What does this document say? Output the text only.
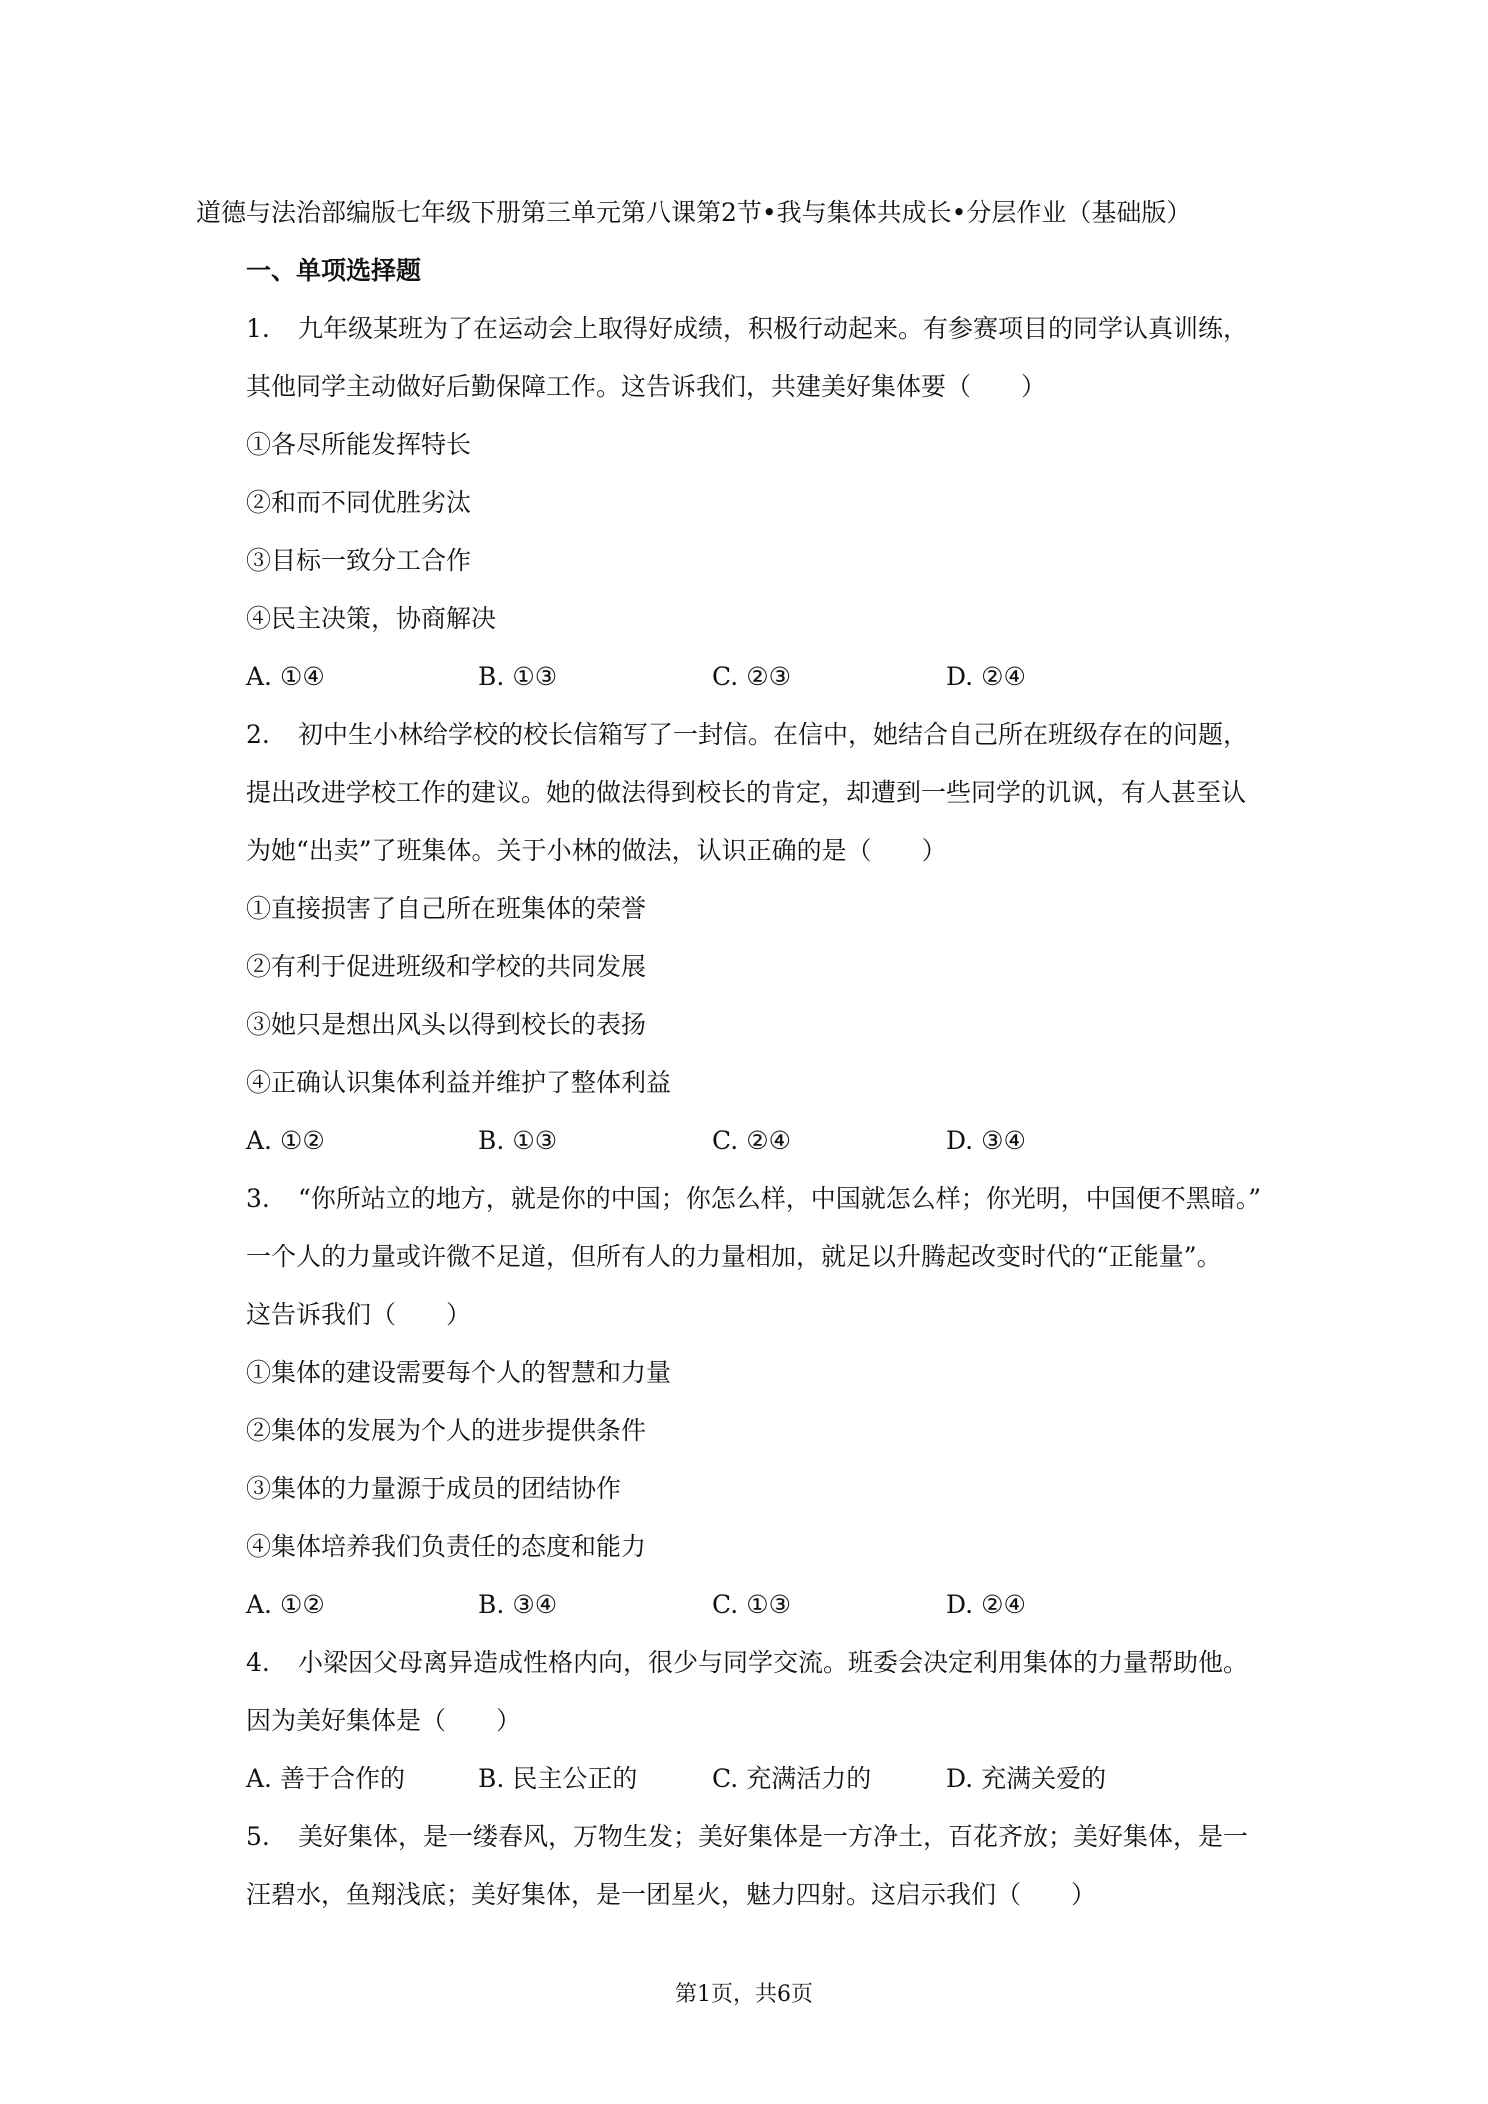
道德与法治部编版七年级下册第三单元第八课第2节•我与集体共成长•分层作业（基础版）
一、单项选择题
1. 九年级某班为了在运动会上取得好成绩，积极行动起来。有参赛项目的同学认真训练，
其他同学主动做好后勤保障工作。这告诉我们，共建美好集体要（　　）
①各尽所能发挥特长
②和而不同优胜劣汰
③目标一致分工合作
④民主决策，协商解决
A. ①④	B. ①③	C. ②③	D. ②④
2. 初中生小林给学校的校长信箱写了一封信。在信中，她结合自己所在班级存在的问题，
提出改进学校工作的建议。她的做法得到校长的肯定，却遭到一些同学的讥讽，有人甚至认
为她“出卖”了班集体。关于小林的做法，认识正确的是（　　）
①直接损害了自己所在班集体的荣誉
②有利于促进班级和学校的共同发展
③她只是想出风头以得到校长的表扬
④正确认识集体利益并维护了整体利益
A. ①②	B. ①③	C. ②④	D. ③④
3. “你所站立的地方，就是你的中国；你怎么样，中国就怎么样；你光明，中国便不黑暗。”
一个人的力量或许微不足道，但所有人的力量相加，就足以升腾起改变时代的“正能量”。
这告诉我们（　　）
①集体的建设需要每个人的智慧和力量
②集体的发展为个人的进步提供条件
③集体的力量源于成员的团结协作
④集体培养我们负责任的态度和能力
A. ①②	B. ③④	C. ①③	D. ②④
4. 小梁因父母离异造成性格内向，很少与同学交流。班委会决定利用集体的力量帮助他。
因为美好集体是（　　）
A. 善于合作的	B. 民主公正的	C. 充满活力的	D. 充满关爱的
5. 美好集体，是一缕春风，万物生发；美好集体是一方净土，百花齐放；美好集体，是一
汪碧水，鱼翔浅底；美好集体，是一团星火，魅力四射。这启示我们（　　）
第1页，共6页
